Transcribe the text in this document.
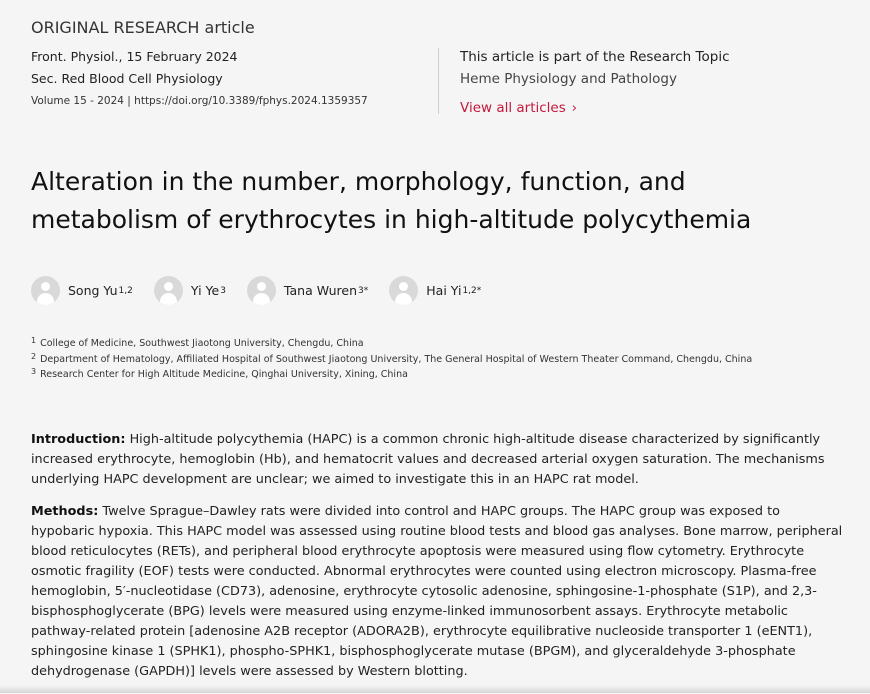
ORIGINAL RESEARCH article
Front. Physiol., 15 February 2024
Sec. Red Blood Cell Physiology
Volume 15 - 2024 | https://doi.org/10.3389/fphys.2024.1359357
This article is part of the Research Topic
Heme Physiology and Pathology
View all articles ›
Alteration in the number, morphology, function, and
metabolism of erythrocytes in high-altitude polycythemia
Song Yu 1,2	Yi Ye 3	Tana Wuren 3*	Hai Yi 1,2*
$^1$ College of Medicine, Southwest Jiaotong University, Chengdu, China
$^2$ Department of Hematology, Affiliated Hospital of Southwest Jiaotong University, The General Hospital of Western Theater Command, Chengdu, China
$^3$ Research Center for High Altitude Medicine, Qinghai University, Xining, China

Introduction: High-altitude polycythemia (HAPC) is a common chronic high-altitude disease characterized by significantly increased erythrocyte, hemoglobin (Hb), and hematocrit values and decreased arterial oxygen saturation. The mechanisms underlying HAPC development are unclear; we aimed to investigate this in an HAPC rat model.

Methods: Twelve Sprague–Dawley rats were divided into control and HAPC groups. The HAPC group was exposed to hypobaric hypoxia. This HAPC model was assessed using routine blood tests and blood gas analyses. Bone marrow, peripheral blood reticulocytes (RETs), and peripheral blood erythrocyte apoptosis were measured using flow cytometry. Erythrocyte osmotic fragility (EOF) tests were conducted. Abnormal erythrocytes were counted using electron microscopy. Plasma-free hemoglobin, 5′-nucleotidase (CD73), adenosine, erythrocyte cytosolic adenosine, sphingosine-1-phosphate (S1P), and 2,3-bisphosphoglycerate (BPG) levels were measured using enzyme-linked immunosorbent assays. Erythrocyte metabolic pathway-related protein [adenosine A2B receptor (ADORA2B), erythrocyte equilibrative nucleoside transporter 1 (eENT1), sphingosine kinase 1 (SPHK1), phospho-SPHK1, bisphosphoglycerate mutase (BPGM), and glyceraldehyde 3-phosphate dehydrogenase (GAPDH)] levels were assessed by Western blotting.
